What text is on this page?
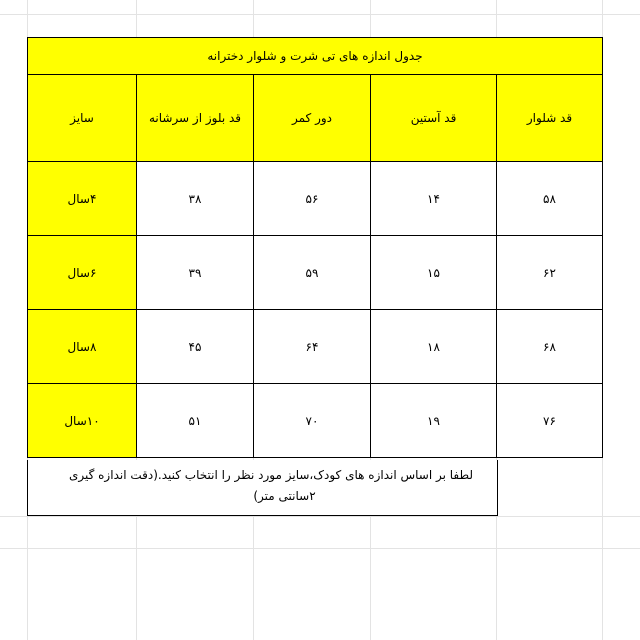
جدول اندازه های تی شرت و شلوار دخترانه				
سایز	قد بلوز از سرشانه	دور کمر	قد آستین	قد شلوار
۴سال	۳۸	۵۶	۱۴	۵۸
۶سال	۳۹	۵۹	۱۵	۶۲
۸سال	۴۵	۶۴	۱۸	۶۸
۱۰سال	۵۱	۷۰	۱۹	۷۶
لطفا بر اساس اندازه های کودک،سایز مورد نظر را انتخاب کنید.(دقت اندازه گیری
۲سانتی متر)
